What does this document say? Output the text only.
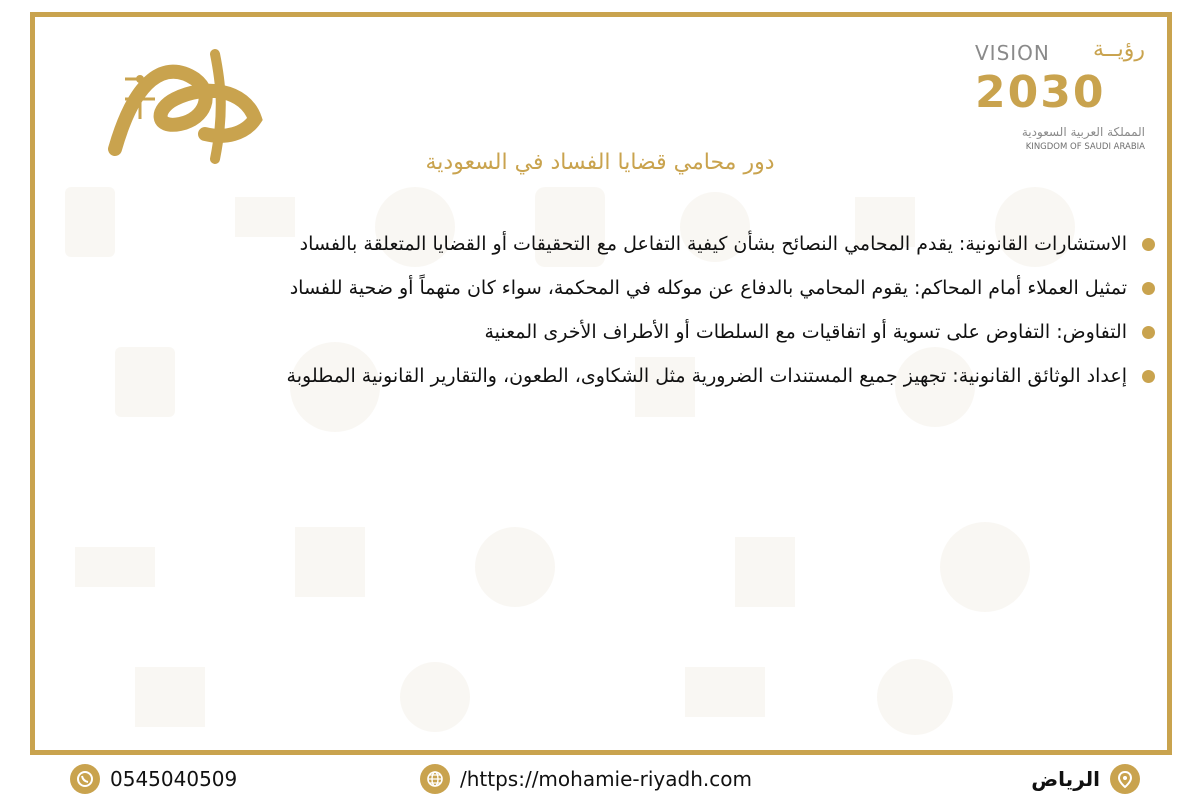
VISION رؤيــة
2030
المملكة العربية السعودية
KINGDOM OF SAUDI ARABIA
دور محامي قضايا الفساد في السعودية
الاستشارات القانونية: يقدم المحامي النصائح بشأن كيفية التفاعل مع التحقيقات أو القضايا المتعلقة بالفساد
تمثيل العملاء أمام المحاكم: يقوم المحامي بالدفاع عن موكله في المحكمة، سواء كان متهماً أو ضحية للفساد
التفاوض: التفاوض على تسوية أو اتفاقيات مع السلطات أو الأطراف الأخرى المعنية
إعداد الوثائق القانونية: تجهيز جميع المستندات الضرورية مثل الشكاوى، الطعون، والتقارير القانونية المطلوبة
0545040509	/https://mohamie-riyadh.com	الرياض
